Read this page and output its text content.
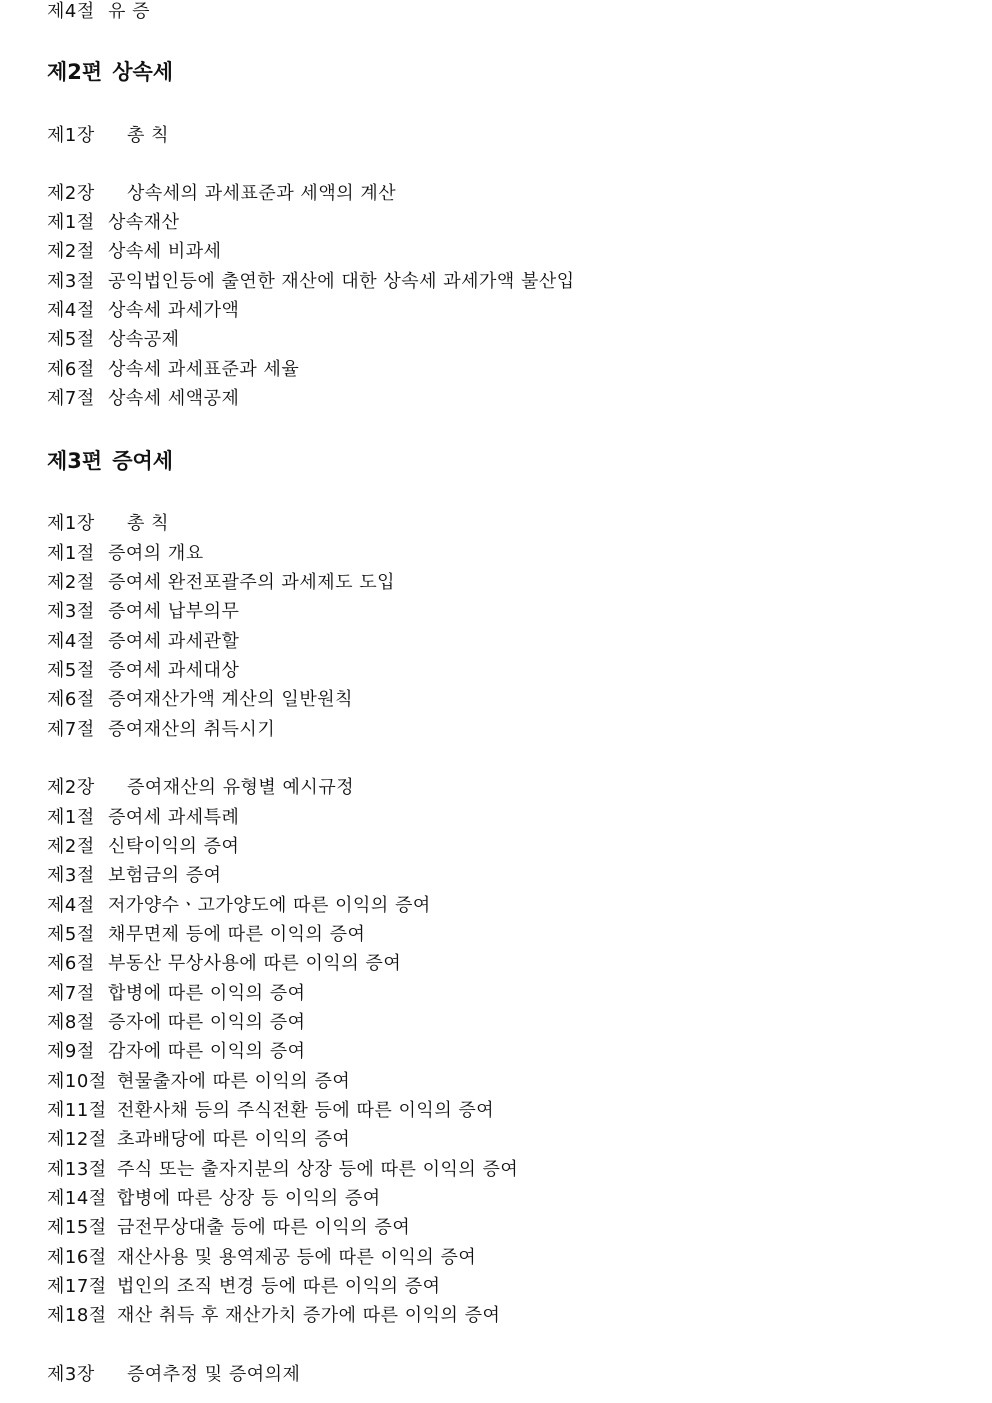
제4절 유 증
제2편 상속세
제1장 총 칙
제2장 상속세의 과세표준과 세액의 계산
제1절 상속재산
제2절 상속세 비과세
제3절 공익법인등에 출연한 재산에 대한 상속세 과세가액 불산입
제4절 상속세 과세가액
제5절 상속공제
제6절 상속세 과세표준과 세율
제7절 상속세 세액공제
제3편 증여세
제1장 총 칙
제1절 증여의 개요
제2절 증여세 완전포괄주의 과세제도 도입
제3절 증여세 납부의무
제4절 증여세 과세관할
제5절 증여세 과세대상
제6절 증여재산가액 계산의 일반원칙
제7절 증여재산의 취득시기
제2장 증여재산의 유형별 예시규정
제1절 증여세 과세특례
제2절 신탁이익의 증여
제3절 보험금의 증여
제4절 저가양수ㆍ고가양도에 따른 이익의 증여
제5절 채무면제 등에 따른 이익의 증여
제6절 부동산 무상사용에 따른 이익의 증여
제7절 합병에 따른 이익의 증여
제8절 증자에 따른 이익의 증여
제9절 감자에 따른 이익의 증여
제10절 현물출자에 따른 이익의 증여
제11절 전환사채 등의 주식전환 등에 따른 이익의 증여
제12절 초과배당에 따른 이익의 증여
제13절 주식 또는 출자지분의 상장 등에 따른 이익의 증여
제14절 합병에 따른 상장 등 이익의 증여
제15절 금전무상대출 등에 따른 이익의 증여
제16절 재산사용 및 용역제공 등에 따른 이익의 증여
제17절 법인의 조직 변경 등에 따른 이익의 증여
제18절 재산 취득 후 재산가치 증가에 따른 이익의 증여
제3장 증여추정 및 증여의제
